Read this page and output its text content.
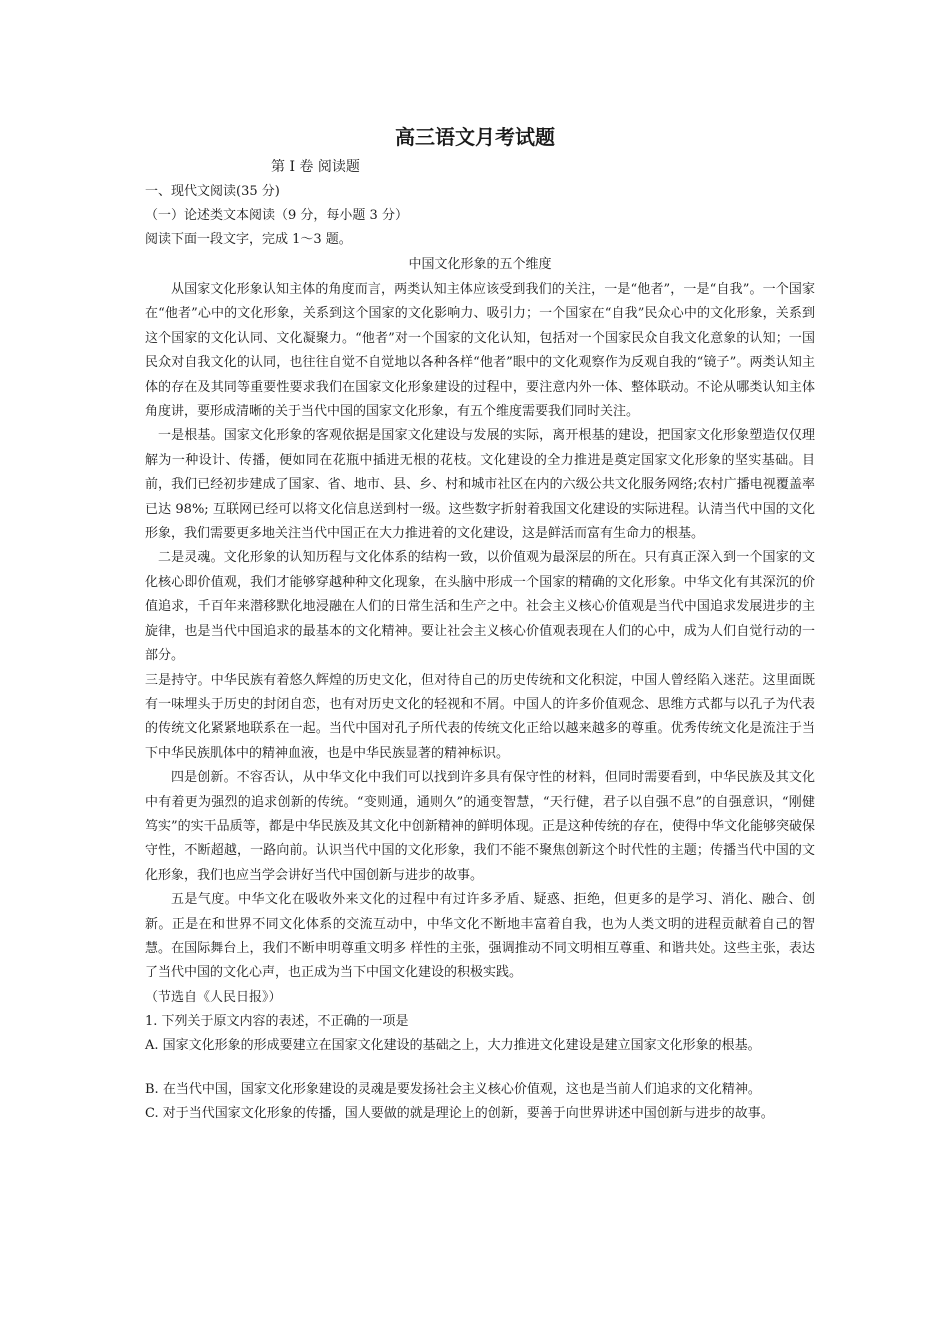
高三语文月考试题
第 I 卷 阅读题
一、现代文阅读(35 分)
（一）论述类文本阅读（9 分，每小题 3 分）
阅读下面一段文字，完成 1～3 题。
中国文化形象的五个维度

从国家文化形象认知主体的角度而言，两类认知主体应该受到我们的关注，一是“他者”，一是“自我”。一个国家在“他者”心中的文化形象，关系到这个国家的文化影响力、吸引力；一个国家在“自我”民众心中的文化形象，关系到这个国家的文化认同、文化凝聚力。“他者”对一个国家的文化认知，包括对一个国家民众自我文化意象的认知；一国民众对自我文化的认同，也往往自觉不自觉地以各种各样“他者”眼中的文化观察作为反观自我的“镜子”。两类认知主体的存在及其同等重要性要求我们在国家文化形象建设的过程中，要注意内外一体、整体联动。不论从哪类认知主体角度讲，要形成清晰的关于当代中国的国家文化形象，有五个维度需要我们同时关注。

一是根基。国家文化形象的客观依据是国家文化建设与发展的实际，离开根基的建设，把国家文化形象塑造仅仅理解为一种设计、传播，便如同在花瓶中插进无根的花枝。文化建设的全力推进是奠定国家文化形象的坚实基础。目前，我们已经初步建成了国家、省、地市、县、乡、村和城市社区在内的六级公共文化服务网络;农村广播电视覆盖率已达 98%; 互联网已经可以将文化信息送到村一级。这些数字折射着我国文化建设的实际进程。认清当代中国的文化形象，我们需要更多地关注当代中国正在大力推进着的文化建设，这是鲜活而富有生命力的根基。

二是灵魂。文化形象的认知历程与文化体系的结构一致，以价值观为最深层的所在。只有真正深入到一个国家的文化核心即价值观，我们才能够穿越种种文化现象，在头脑中形成一个国家的精确的文化形象。中华文化有其深沉的价值追求，千百年来潜移默化地浸融在人们的日常生活和生产之中。社会主义核心价值观是当代中国追求发展进步的主旋律，也是当代中国追求的最基本的文化精神。要让社会主义核心价值观表现在人们的心中，成为人们自觉行动的一部分。

三是持守。中华民族有着悠久辉煌的历史文化，但对待自己的历史传统和文化积淀，中国人曾经陷入迷茫。这里面既有一味埋头于历史的封闭自恋，也有对历史文化的轻视和不屑。中国人的许多价值观念、思维方式都与以孔子为代表的传统文化紧紧地联系在一起。当代中国对孔子所代表的传统文化正给以越来越多的尊重。优秀传统文化是流注于当下中华民族肌体中的精神血液，也是中华民族显著的精神标识。

四是创新。不容否认，从中华文化中我们可以找到许多具有保守性的材料，但同时需要看到，中华民族及其文化中有着更为强烈的追求创新的传统。“变则通，通则久”的通变智慧，“天行健，君子以自强不息”的自强意识，“刚健笃实”的实干品质等，都是中华民族及其文化中创新精神的鲜明体现。正是这种传统的存在，使得中华文化能够突破保守性，不断超越，一路向前。认识当代中国的文化形象，我们不能不聚焦创新这个时代性的主题；传播当代中国的文化形象，我们也应当学会讲好当代中国创新与进步的故事。

五是气度。中华文化在吸收外来文化的过程中有过许多矛盾、疑惑、拒绝，但更多的是学习、消化、融合、创新。正是在和世界不同文化体系的交流互动中，中华文化不断地丰富着自我，也为人类文明的进程贡献着自己的智慧。在国际舞台上，我们不断申明尊重文明多 样性的主张，强调推动不同文明相互尊重、和谐共处。这些主张，表达了当代中国的文化心声，也正成为当下中国文化建设的积极实践。

（节选自《人民日报》）
1. 下列关于原文内容的表述，不正确的一项是
A. 国家文化形象的形成要建立在国家文化建设的基础之上，大力推进文化建设是建立国家文化形象的根基。
B. 在当代中国，国家文化形象建设的灵魂是要发扬社会主义核心价值观，这也是当前人们追求的文化精神。

C. 对于当代国家文化形象的传播，国人要做的就是理论上的创新，要善于向世界讲述中国创新与进步的故事。
